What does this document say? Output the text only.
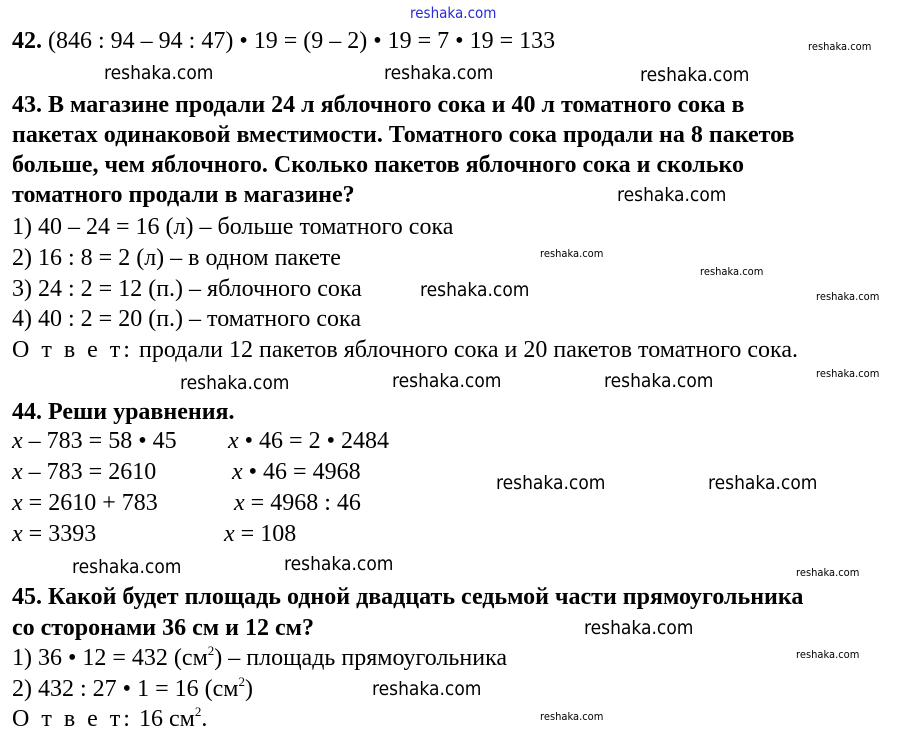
42. (846 : 94 – 94 : 47) • 19 = (9 – 2) • 19 = 7 • 19 = 133
43. В магазине продали 24 л яблочного сока и 40 л томатного сока в
пакетах одинаковой вместимости. Томатного сока продали на 8 пакетов
больше, чем яблочного. Сколько пакетов яблочного сока и сколько
томатного продали в магазине?
1) 40 – 24 = 16 (л) – больше томатного сока
2) 16 : 8 = 2 (л) – в одном пакете
3) 24 : 2 = 12 (п.) – яблочного сока
4) 40 : 2 = 20 (п.) – томатного сока
О т в е т: продали 12 пакетов яблочного сока и 20 пакетов томатного сока.
44. Реши уравнения.
x – 783 = 58 • 45
x – 783 = 2610
x = 2610 + 783
x = 3393
x • 46 = 2 • 2484
x • 46 = 4968
x = 4968 : 46
x = 108
45. Какой будет площадь одной двадцать седьмой части прямоугольника
со сторонами 36 см и 12 см?
1) 36 • 12 = 432 $(см^2)$ – площадь прямоугольника
2) 432 : 27 • 1 = 16 $(см^2)$
О т в е т: 16 $см^2$.
reshaka.com
reshaka.com	reshaka.com	reshaka.com
reshaka.com
reshaka.com
reshaka.com	reshaka.com
reshaka.com
reshaka.com	reshaka.com
reshaka.com
reshaka.com
reshaka.com
reshaka.com
reshaka.com
reshaka.com
reshaka.com
reshaka.com
reshaka.com
reshaka.com
reshaka.com
reshaka.com
